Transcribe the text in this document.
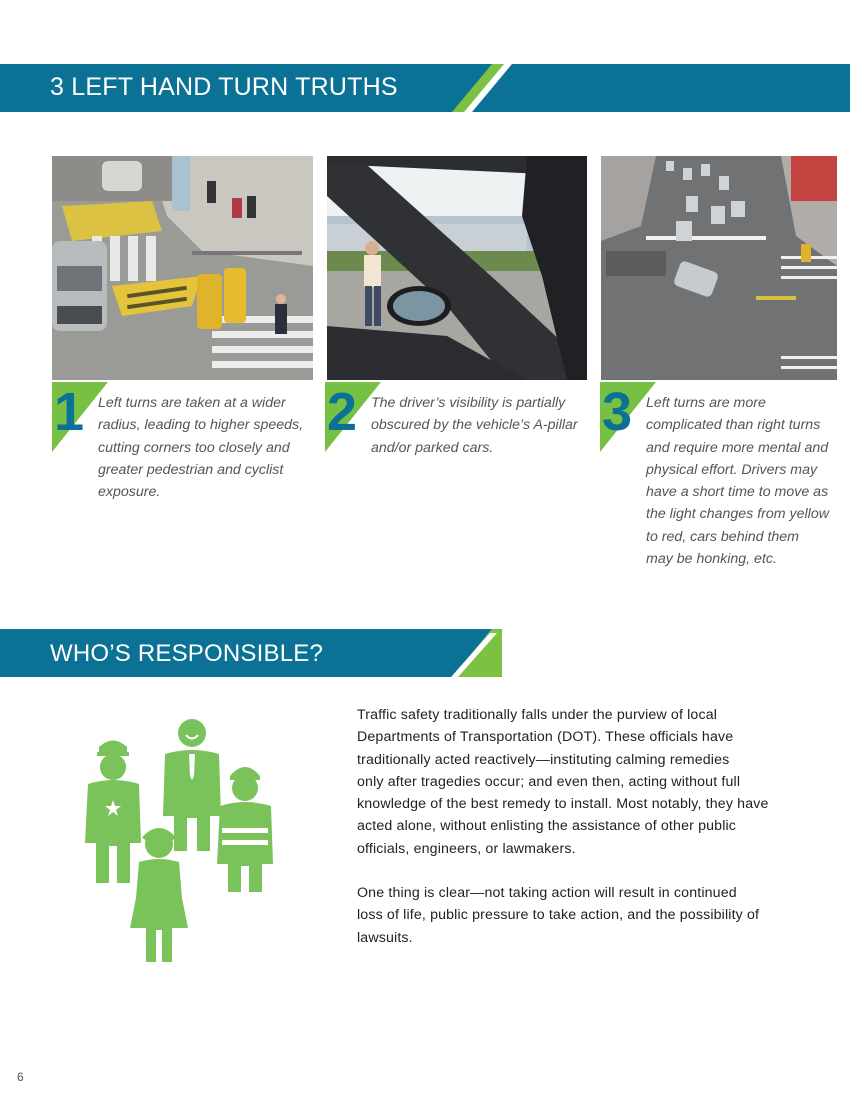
3 LEFT HAND TURN TRUTHS
1 Left turns are taken at a wider
radius, leading to higher speeds,
cutting corners too closely and
greater pedestrian and cyclist
exposure.
2 The driver’s visibility is partially
obscured by the vehicle’s A-pillar
and/or parked cars.
3 Left turns are more
complicated than right turns
and require more mental and
physical effort. Drivers may
have a short time to move as
the light changes from yellow
to red, cars behind them
may be honking, etc.
WHO’S RESPONSIBLE?
Traffic safety traditionally falls under the purview of local
Departments of Transportation (DOT). These officials have
traditionally acted reactively—instituting calming remedies
only after tragedies occur; and even then, acting without full
knowledge of the best remedy to install. Most notably, they have
acted alone, without enlisting the assistance of other public
officials, engineers, or lawmakers.
One thing is clear—not taking action will result in continued
loss of life, public pressure to take action, and the possibility of
lawsuits.
6
